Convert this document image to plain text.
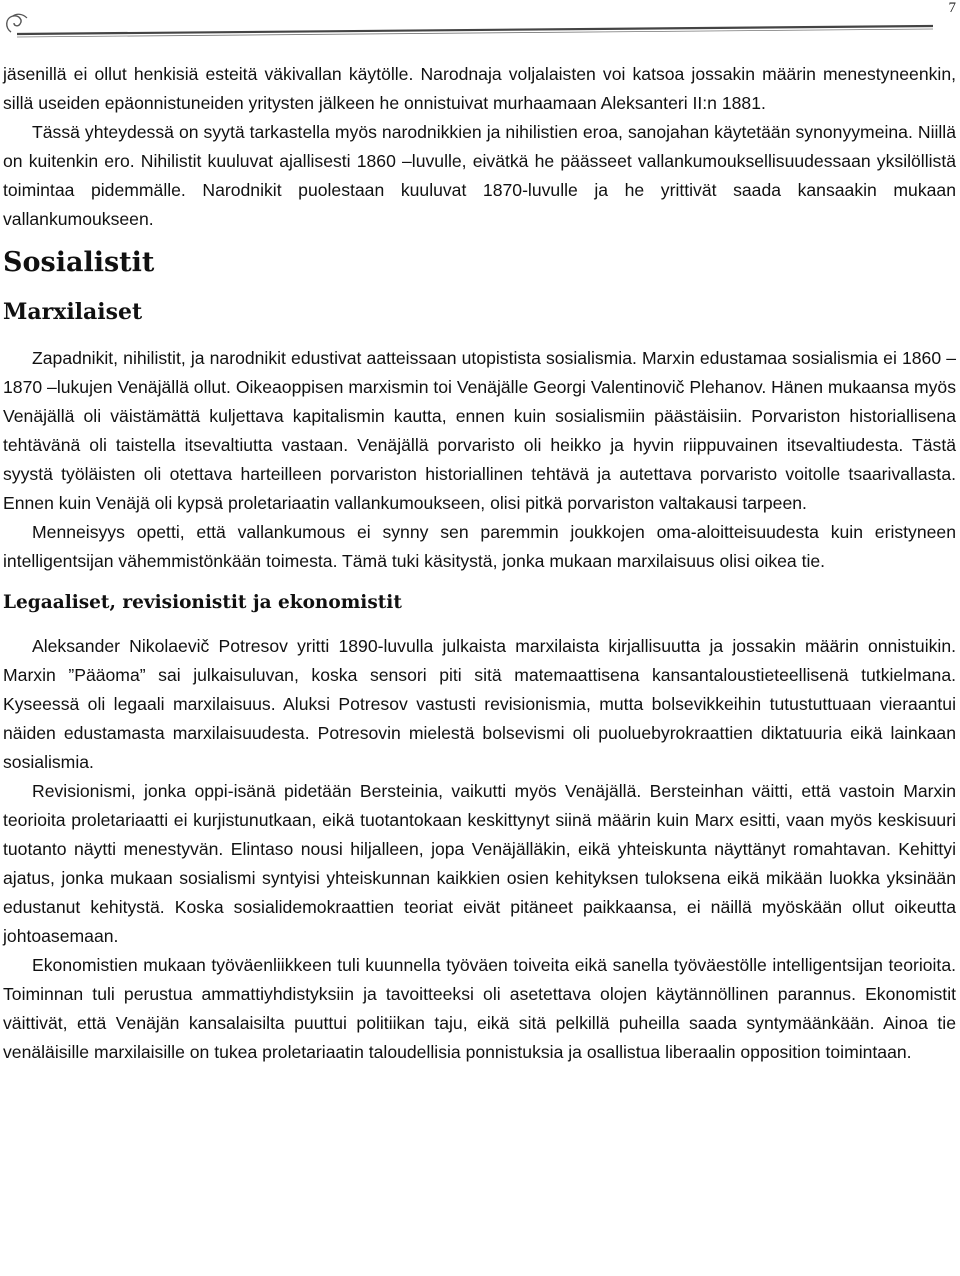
7

jäsenillä ei ollut henkisiä esteitä väkivallan käytölle. Narodnaja voljalaisten voi katsoa jossakin määrin menestyneenkin, sillä useiden epäonnistuneiden yritysten jälkeen he onnistuivat murhaamaan Aleksanteri II:n 1881.

Tässä yhteydessä on syytä tarkastella myös narodnikkien ja nihilistien eroa, sanojahan käytetään synonyymeina. Niillä on kuitenkin ero. Nihilistit kuuluvat ajallisesti 1860 –luvulle, eivätkä he päässeet vallankumouksellisuudessaan yksilöllistä toimintaa pidemmälle. Narodnikit puolestaan kuuluvat 1870-luvulle ja he yrittivät saada kansaakin mukaan vallankumoukseen.

Sosialistit
Marxilaiset

Zapadnikit, nihilistit, ja narodnikit edustivat aatteissaan utopistista sosialismia. Marxin edustamaa sosialismia ei 1860 – 1870 –lukujen Venäjällä ollut. Oikeaoppisen marxismin toi Venäjälle Georgi Valentinovič Plehanov. Hänen mukaansa myös Venäjällä oli väistämättä kuljettava kapitalismin kautta, ennen kuin sosialismiin päästäisiin. Porvariston historiallisena tehtävänä oli taistella itsevaltiutta vastaan. Venäjällä porvaristo oli heikko ja hyvin riippuvainen itsevaltiudesta. Tästä syystä työläisten oli otettava harteilleen porvariston historiallinen tehtävä ja autettava porvaristo voitolle tsaarivallasta. Ennen kuin Venäjä oli kypsä proletariaatin vallankumoukseen, olisi pitkä porvariston valtakausi tarpeen.

Menneisyys opetti, että vallankumous ei synny sen paremmin joukkojen oma-aloitteisuudesta kuin eristyneen intelligentsijan vähemmistönkään toimesta. Tämä tuki käsitystä, jonka mukaan marxilaisuus olisi oikea tie.

Legaaliset, revisionistit ja ekonomistit

Aleksander Nikolaevič Potresov yritti 1890-luvulla julkaista marxilaista kirjallisuutta ja jossakin määrin onnistuikin. Marxin ”Pääoma” sai julkaisuluvan, koska sensori piti sitä matemaattisena kansantaloustieteellisenä tutkielmana. Kyseessä oli legaali marxilaisuus. Aluksi Potresov vastusti revisionismia, mutta bolsevikkeihin tutustuttuaan vieraantui näiden edustamasta marxilaisuudesta. Potresovin mielestä bolsevismi oli puoluebyrokraattien diktatuuria eikä lainkaan sosialismia.

Revisionismi, jonka oppi-isänä pidetään Bersteinia, vaikutti myös Venäjällä. Bersteinhan väitti, että vastoin Marxin teorioita proletariaatti ei kurjistunutkaan, eikä tuotantokaan keskittynyt siinä määrin kuin Marx esitti, vaan myös keskisuuri tuotanto näytti menestyvän. Elintaso nousi hiljalleen, jopa Venäjälläkin, eikä yhteiskunta näyttänyt romahtavan. Kehittyi ajatus, jonka mukaan sosialismi syntyisi yhteiskunnan kaikkien osien kehityksen tuloksena eikä mikään luokka yksinään edustanut kehitystä. Koska sosialidemokraattien teoriat eivät pitäneet paikkaansa, ei näillä myöskään ollut oikeutta johtoasemaan.

Ekonomistien mukaan työväenliikkeen tuli kuunnella työväen toiveita eikä sanella työväestölle intelligentsijan teorioita. Toiminnan tuli perustua ammattiyhdistyksiin ja tavoitteeksi oli asetettava olojen käytännöllinen parannus. Ekonomistit väittivät, että Venäjän kansalaisilta puuttui politiikan taju, eikä sitä pelkillä puheilla saada syntymäänkään. Ainoa tie venäläisille marxilaisille on tukea proletariaatin taloudellisia ponnistuksia ja osallistua liberaalin opposition toimintaan.
